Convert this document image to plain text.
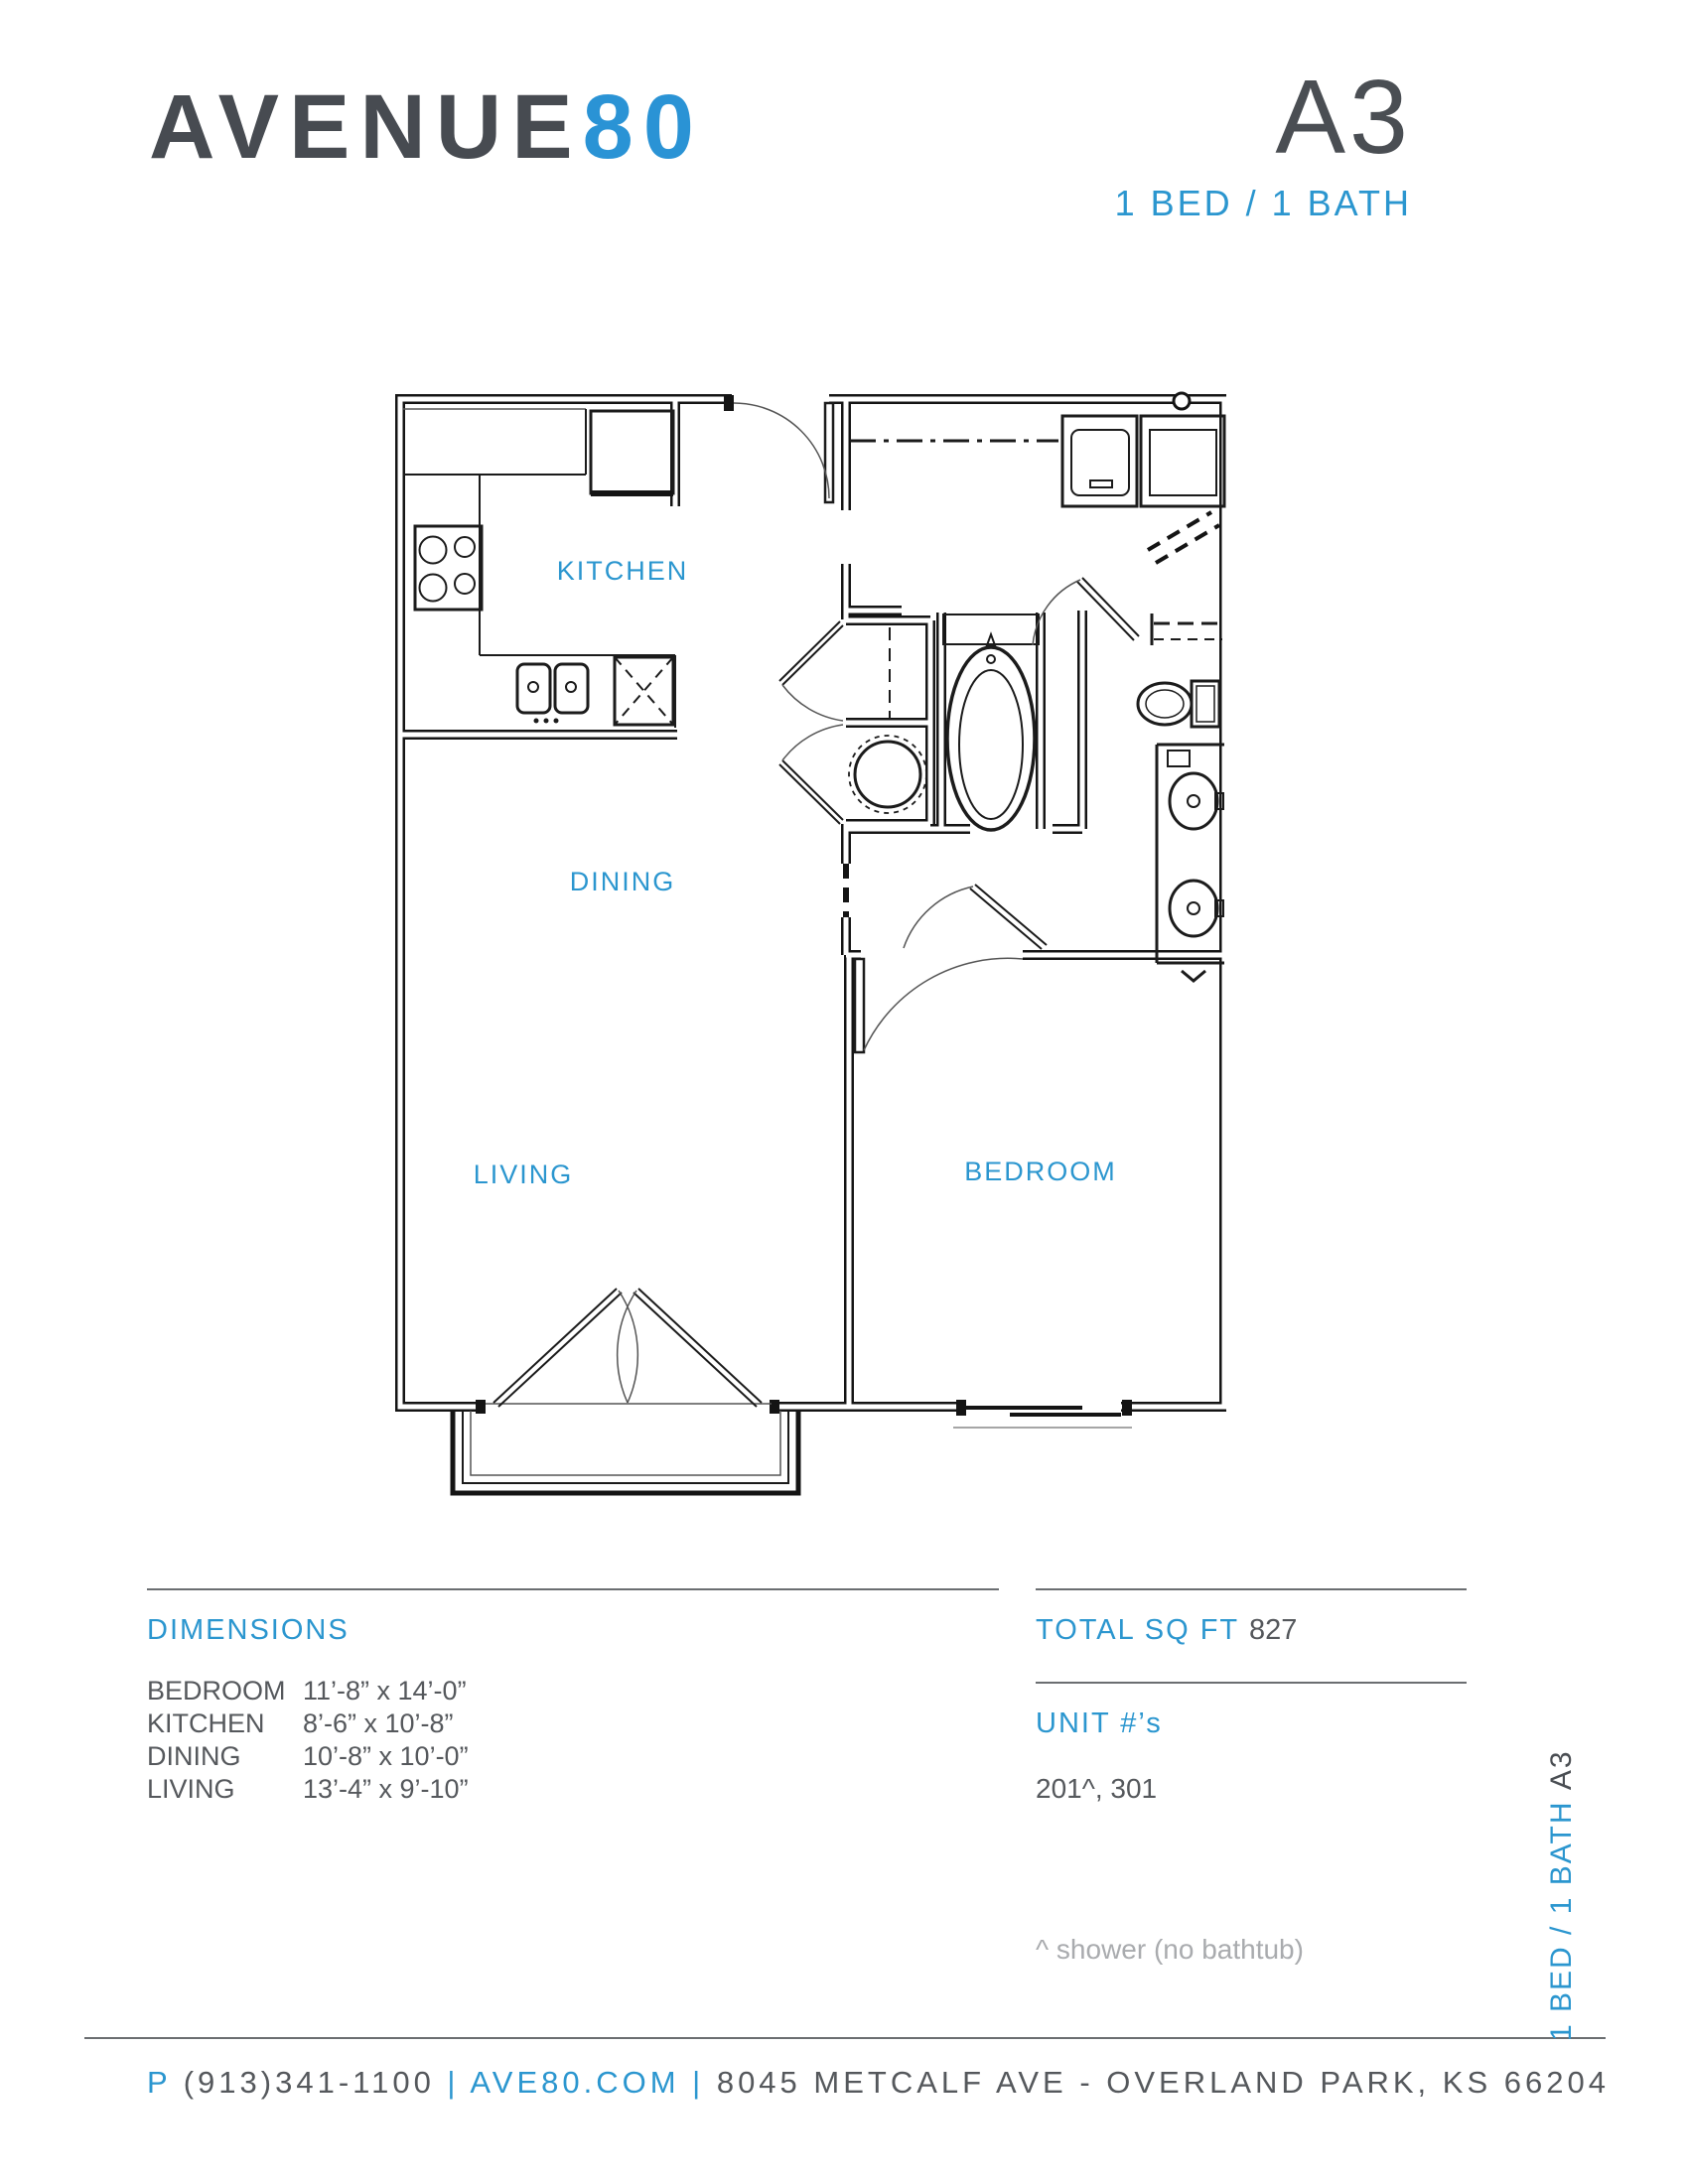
AVENUE80	A3
1 BED / 1 BATH
KITCHEN
DINING
LIVING	BEDROOM
DIMENSIONS
BEDROOM 11’-8” x 14’-0”
KITCHEN 8’-6” x 10’-8”
DINING 10’-8” x 10’-0”
LIVING	13’-4” x 9’-10”
TOTAL SQ FT 827
UNIT #’s
201^, 301
^ shower (no bathtub)	1 BED / 1 BATH A3
P (913)341-1100 | AVE80.COM | 8045 METCALF AVE - OVERLAND PARK, KS 66204
